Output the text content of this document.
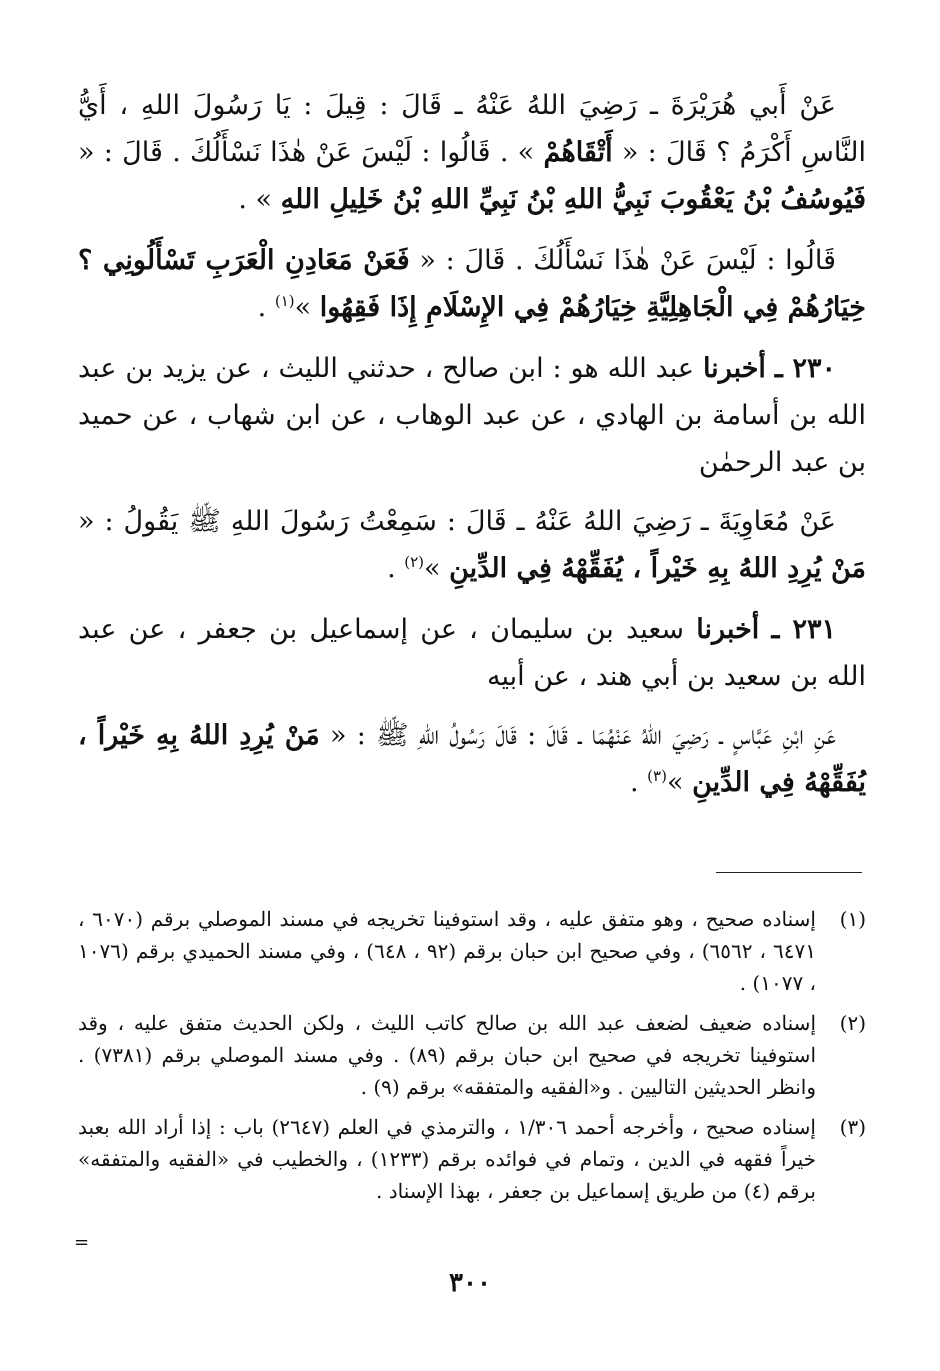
عَنْ أَبي هُرَيْرَةَ ـ رَضِيَ اللهُ عَنْهُ ـ قَالَ : قِيلَ : يَا رَسُولَ اللهِ ، أَيُّ النَّاسِ أَكْرَمُ ؟ قَالَ : « أَتْقَاهُمْ » . قَالُوا : لَيْسَ عَنْ هٰذَا نَسْأَلُكَ . قَالَ : « فَيُوسُفُ بْنُ يَعْقُوبَ نَبِيُّ اللهِ بْنُ نَبِيِّ اللهِ بْنُ خَلِيلِ اللهِ » .

قَالُوا : لَيْسَ عَنْ هٰذَا نَسْأَلُكَ . قَالَ : « فَعَنْ مَعَادِنِ الْعَرَبِ تَسْأَلُونِي ؟ خِيَارُهُمْ فِي الْجَاهِلِيَّةِ خِيَارُهُمْ فِي الإِسْلَامِ إِذَا فَقِهُوا »$^{(١)}$ .

٢٣٠ ـ أخبرنا عبد الله هو : ابن صالح ، حدثني الليث ، عن يزيد بن عبد الله بن أسامة بن الهادي ، عن عبد الوهاب ، عن ابن شهاب ، عن حميد بن عبد الرحمٰن

عَنْ مُعَاوِيَةَ ـ رَضِيَ اللهُ عَنْهُ ـ قَالَ : سَمِعْتُ رَسُولَ اللهِ ﷺ يَقُولُ : « مَنْ يُرِدِ اللهُ بِهِ خَيْراً ، يُفَقِّهْهُ فِي الدِّينِ »$^{(٢)}$ .

٢٣١ ـ أخبرنا سعيد بن سليمان ، عن إسماعيل بن جعفر ، عن عبد الله بن سعيد بن أبي هند ، عن أبيه

عَنِ ابْنِ عَبَّاسٍ ـ رَضِيَ اللهُ عَنْهُمَا ـ قَالَ : قَالَ رَسُولُ اللهِ ﷺ : « مَنْ يُرِدِ اللهُ بِهِ خَيْراً ، يُفَقِّهْهُ فِي الدِّينِ »$^{(٣)}$ .

(١)
إسناده صحيح ، وهو متفق عليه ، وقد استوفينا تخريجه في مسند الموصلي برقم (٦٠٧٠ ، ٦٤٧١ ، ٦٥٦٢) ، وفي صحيح ابن حبان برقم (٩٢ ، ٦٤٨) ، وفي مسند الحميدي برقم (١٠٧٦ ، ١٠٧٧) .
(٢)
إسناده ضعيف لضعف عبد الله بن صالح كاتب الليث ، ولكن الحديث متفق عليه ، وقد استوفينا تخريجه في صحيح ابن حبان برقم (٨٩) . وفي مسند الموصلي برقم (٧٣٨١) . وانظر الحديثين التاليين . و«الفقيه والمتفقه» برقم (٩) .
(٣)
إسناده صحيح ، وأخرجه أحمد ١/٣٠٦ ، والترمذي في العلم (٢٦٤٧) باب : إذا أراد الله بعبد خيراً فقهه في الدين ، وتمام في فوائده برقم (١٢٣٣) ، والخطيب في «الفقيه والمتفقه» برقم (٤) من طريق إسماعيل بن جعفر ، بهذا الإسناد .
=
٣٠٠
